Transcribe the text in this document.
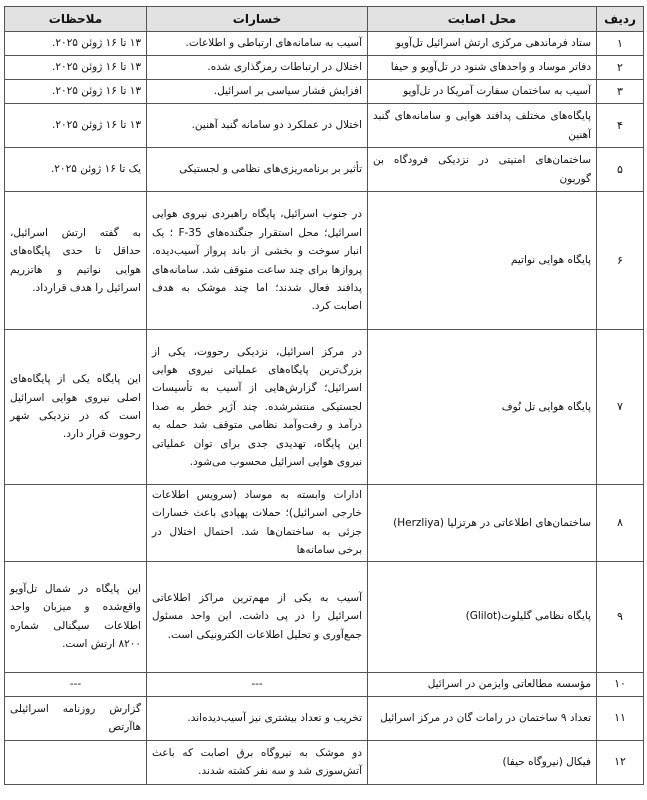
ردیف	محل اصابت	خسارات	ملاحظات
۱	ستاد فرماندهی مرکزی ارتش اسرائیل تل‌آویو	آسیب به سامانه‌های ارتباطی و اطلاعات.	۱۳ تا ۱۶ ژوئن ۲۰۲۵.
۲	دفاتر موساد و واحدهای شنود در تل‌آویو و حیفا	اختلال در ارتباطات رمزگذاری شده.	۱۳ تا ۱۶ ژوئن ۲۰۲۵.
۳	آسیب به ساختمان سفارت آمریکا در تل‌آویو	افزایش فشار سیاسی بر اسرائیل.	۱۳ تا ۱۶ ژوئن ۲۰۲۵.
۴	پایگاه‌های مختلف پدافند هوایی و سامانه‌های گنبد آهنین	اختلال در عملکرد دو سامانه گنبد آهنین.	۱۳ تا ۱۶ ژوئن ۲۰۲۵.
۵	ساختمان‌های امنیتی در نزدیکی فرودگاه بن گوریون	تأثیر بر برنامه‌ریزی‌های نظامی و لجستیکی	یک تا ۱۶ ژوئن ۲۰۲۵.
۶	پایگاه هوایی نواتیم	در جنوب اسرائیل، پایگاه راهبردی نیروی هوایی اسرائیل؛ محل استقرار جنگنده‌های F-35 ؛ یک انبار سوخت و بخشی از باند پرواز آسیب‌دیده. پروازها برای چند ساعت متوقف شد. سامانه‌های پدافند فعال شدند؛ اما چند موشک به هدف اصابت کرد.	به گفته ارتش اسرائیل، حداقل تا حدی پایگاه‌های هوایی نواتیم و هاتزریم اسرائیل را هدف قرارداد.
۷	پایگاه هوایی تل نُوف	در مرکز اسرائیل، نزدیکی رحووت، یکی از بزرگ‌ترین پایگاه‌های عملیاتی نیروی هوایی اسرائیل؛ گزارش‌هایی از آسیب به تأسیسات لجستیکی منتشرشده. چند آژیر خطر به صدا درآمد و رفت‌وآمد نظامی متوقف شد حمله به این پایگاه، تهدیدی جدی برای توان عملیاتی نیروی هوایی اسرائیل محسوب می‌شود.	این پایگاه یکی از پایگاه‌های اصلی نیروی هوایی اسرائیل است که در نزدیکی شهر رحووت قرار دارد.
۸	ساختمان‌های اطلاعاتی در هرتزلیا (Herzliya)	ادارات وابسته به موساد (سرویس اطلاعات خارجی اسرائیل)؛ حملات پهپادی باعث خسارات جزئی به ساختمان‌ها شد. احتمال اختلال در برخی سامانه‌ها	
۹	پایگاه نظامی گلیلوت(Glilot)	آسیب به یکی از مهم‌ترین مراکز اطلاعاتی اسرائیل را در پی داشت. این واحد مسئول جمع‌آوری و تحلیل اطلاعات الکترونیکی است.	این پایگاه در شمال تل‌آویو واقع‌شده و میزبان واحد اطلاعات سیگنالی شماره ۸۲۰۰ ارتش است.
۱۰	مؤسسه مطالعاتی وایزمن در اسرائیل	---	---
۱۱	تعداد ۹ ساختمان در رامات گان در مرکز اسرائیل	تخریب و تعداد بیشتری نیز آسیب‌دیده‌اند.	گزارش روزنامه اسرائیلی هاآرتص
۱۲	فیکال (نیروگاه حیفا)	دو موشک به نیروگاه برق اصابت که باعث آتش‌سوزی شد و سه نفر کشته شدند.	
